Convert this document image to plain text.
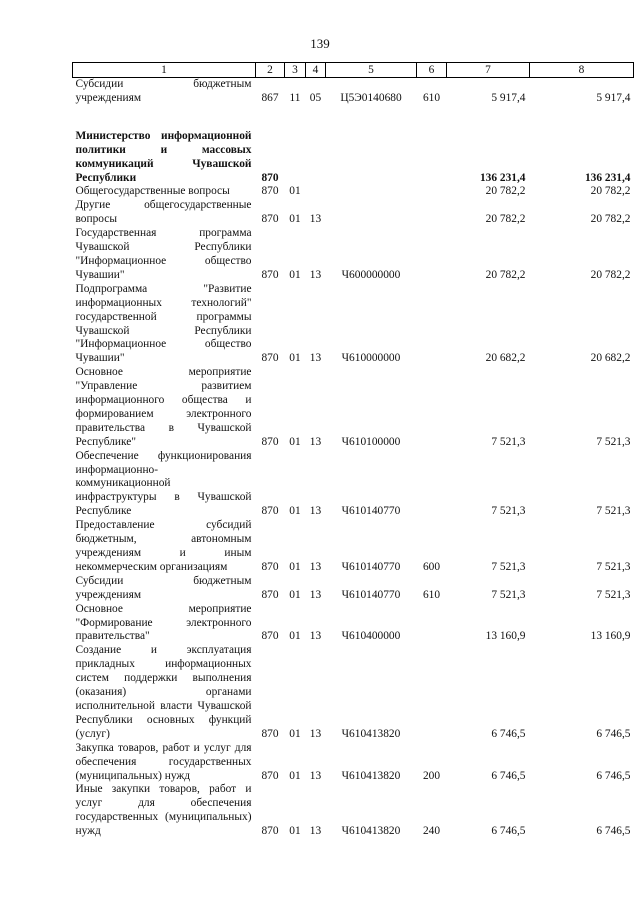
139
1	2	3	4	5	6	7	8
Субсидии бюджетным учреждениям	867	11	05	Ц5Э0140680	610	5 917,4	5 917,4

Министерство информационной политики и массовых коммуникаций Чувашской Республики	870					136 231,4	136 231,4
Общегосударственные вопросы	870	01				20 782,2	20 782,2
Другие общегосударственные вопросы	870	01	13			20 782,2	20 782,2
Государственная программа Чувашской Республики "Информационное общество Чувашии"	870	01	13	Ч600000000		20 782,2	20 782,2
Подпрограмма "Развитие информационных технологий" государственной программы Чувашской Республики "Информационное общество Чувашии"	870	01	13	Ч610000000		20 682,2	20 682,2
Основное мероприятие "Управление развитием информационного общества и формированием электронного правительства в Чувашской Республике"	870	01	13	Ч610100000		7 521,3	7 521,3
Обеспечение функционирования информационно-коммуникационной инфраструктуры в Чувашской Республике	870	01	13	Ч610140770		7 521,3	7 521,3
Предоставление субсидий бюджетным, автономным учреждениям и иным некоммерческим организациям	870	01	13	Ч610140770	600	7 521,3	7 521,3
Субсидии бюджетным учреждениям	870	01	13	Ч610140770	610	7 521,3	7 521,3
Основное мероприятие "Формирование электронного правительства"	870	01	13	Ч610400000		13 160,9	13 160,9
Создание и эксплуатация прикладных информационных систем поддержки выполнения (оказания) органами исполнительной власти Чувашской Республики основных функций (услуг)	870	01	13	Ч610413820		6 746,5	6 746,5
Закупка товаров, работ и услуг для обеспечения государственных (муниципальных) нужд	870	01	13	Ч610413820	200	6 746,5	6 746,5
Иные закупки товаров, работ и услуг для обеспечения государственных (муниципальных) нужд	870	01	13	Ч610413820	240	6 746,5	6 746,5
